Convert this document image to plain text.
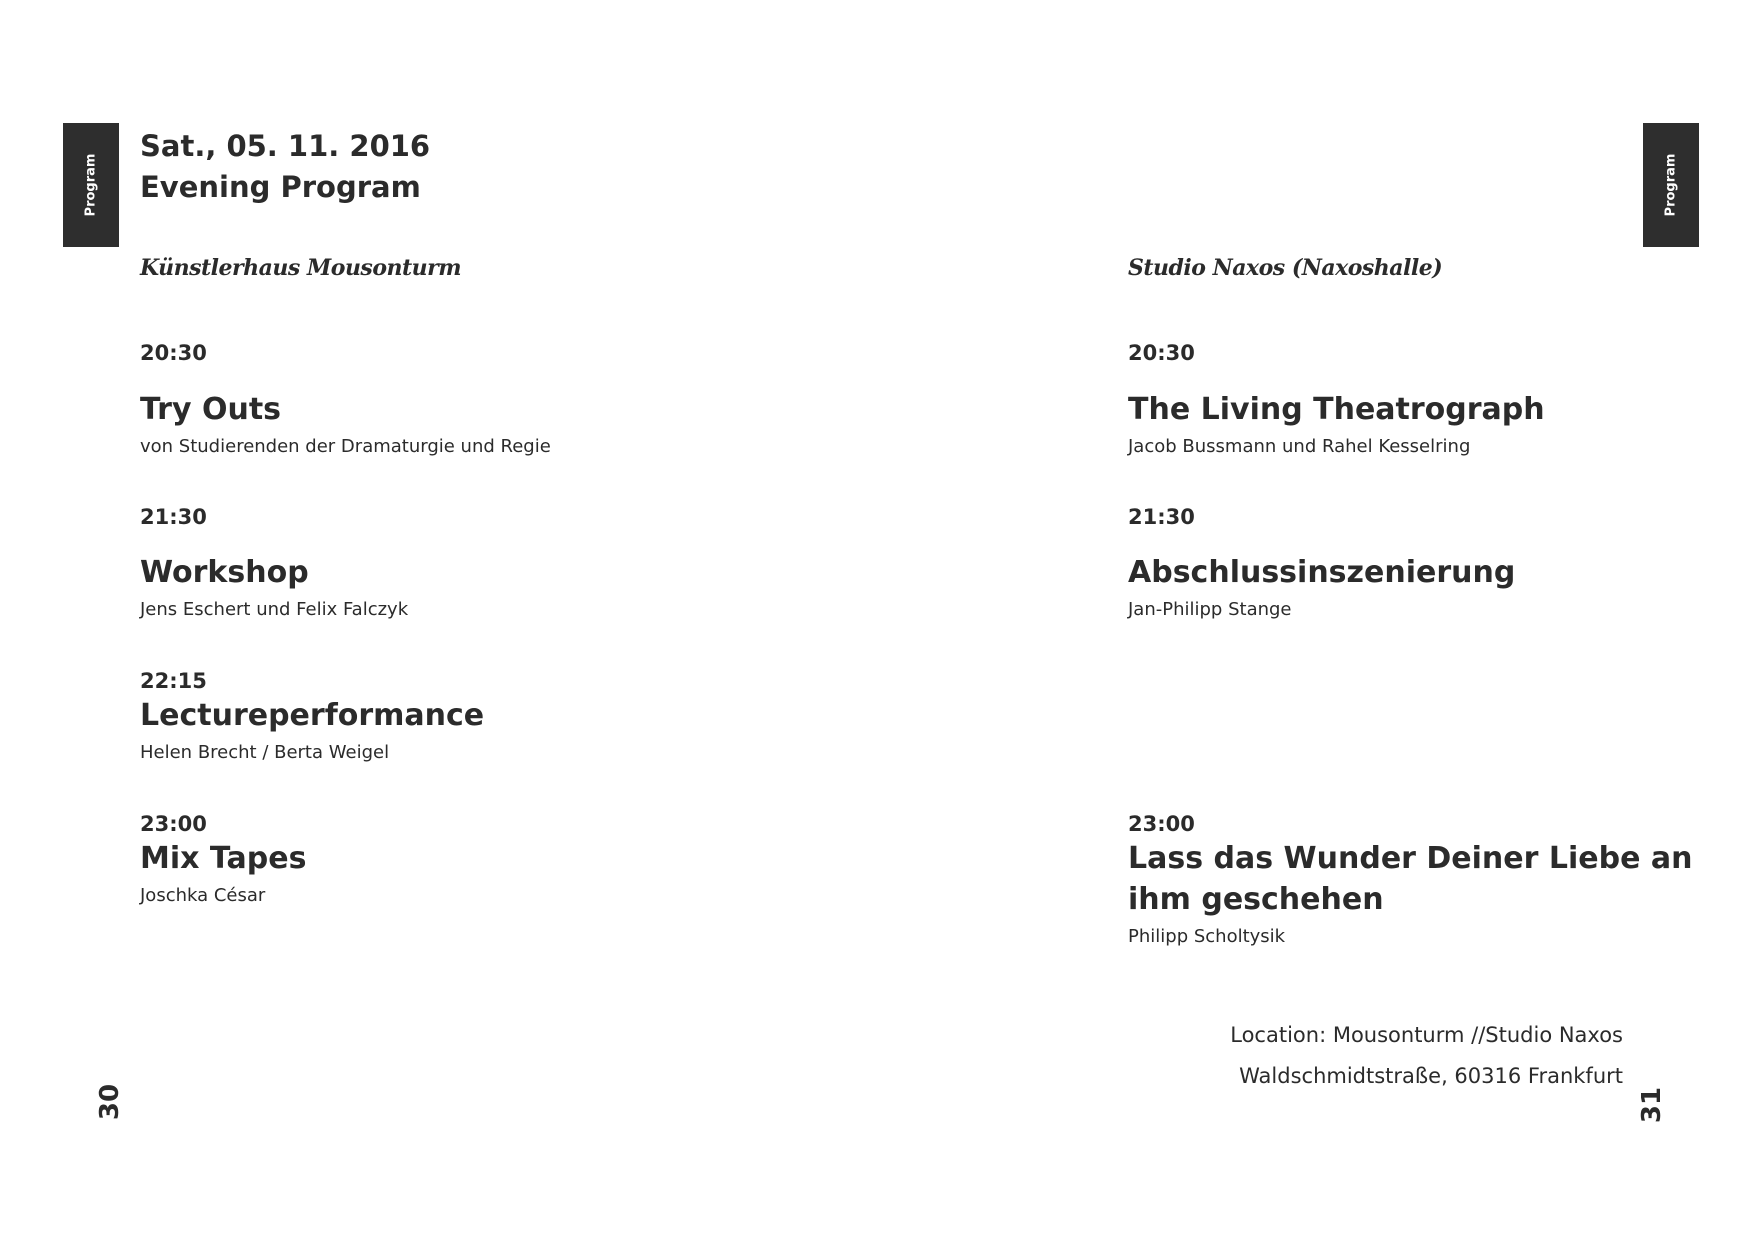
Program	Program
30	31
Sat., 05. 11. 2016
Evening Program
Künstlerhaus Mousonturm	Studio Naxos (Naxoshalle)
20:30
Try Outs
von Studierenden der Dramaturgie und Regie
21:30
Workshop
Jens Eschert und Felix Falczyk
22:15
Lectureperformance
Helen Brecht / Berta Weigel
23:00
Mix Tapes
Joschka César
20:30
The Living Theatrograph
Jacob Bussmann und Rahel Kesselring
21:30
Abschlussinszenierung
Jan-Philipp Stange
23:00
Lass das Wunder Deiner Liebe an
ihm geschehen
Philipp Scholtysik
Location: Mousonturm //Studio Naxos
Waldschmidtstraße, 60316 Frankfurt
